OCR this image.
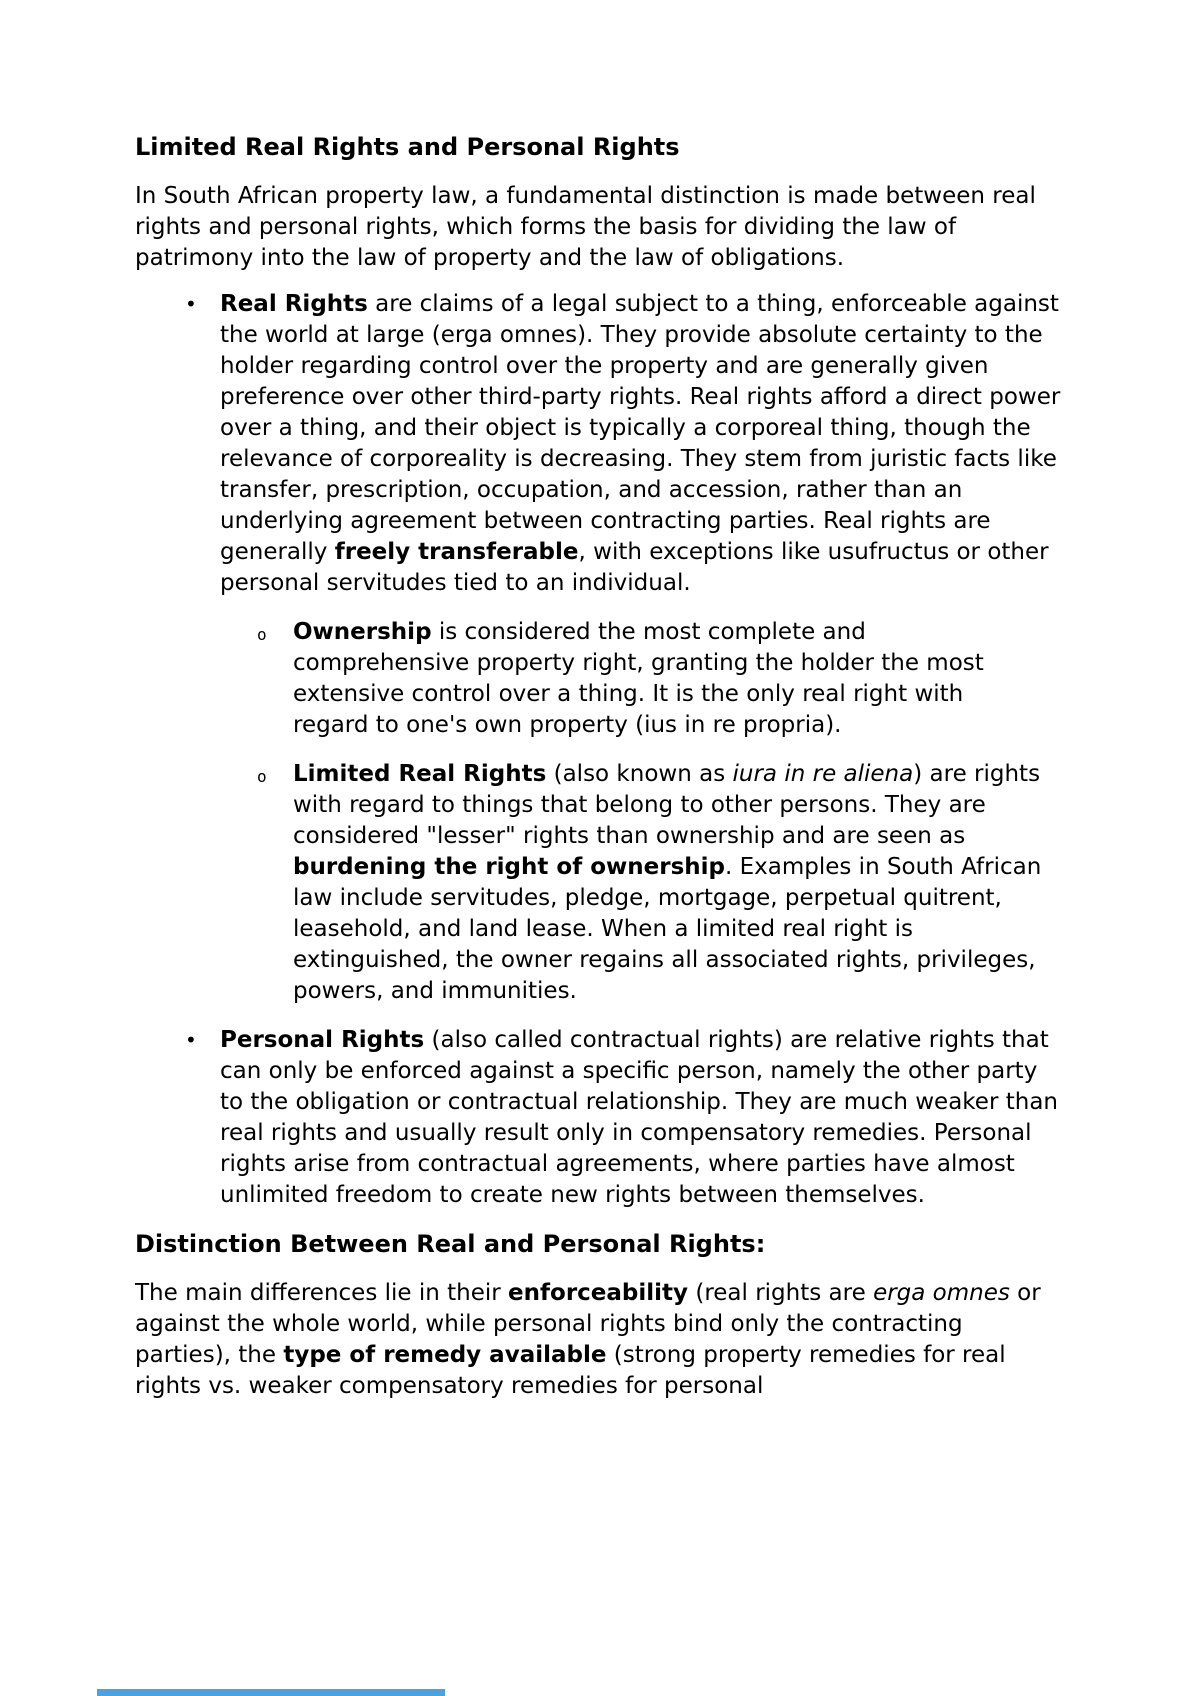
Limited Real Rights and Personal Rights

In South African property law, a fundamental distinction is made between real rights and personal rights, which forms the basis for dividing the law of patrimony into the law of property and the law of obligations.

•	Real Rights are claims of a legal subject to a thing, enforceable against the world at large (erga omnes). They provide absolute certainty to the holder regarding control over the property and are generally given preference over other third-party rights. Real rights afford a direct power over a thing, and their object is typically a corporeal thing, though the relevance of corporeality is decreasing. They stem from juristic facts like transfer, prescription, occupation, and accession, rather than an underlying agreement between contracting parties. Real rights are generally freely transferable, with exceptions like usufructus or other personal servitudes tied to an individual.
o	Ownership is considered the most complete and comprehensive property right, granting the holder the most extensive control over a thing. It is the only real right with regard to one's own property (ius in re propria).
o	Limited Real Rights (also known as iura in re aliena) are rights with regard to things that belong to other persons. They are considered "lesser" rights than ownership and are seen as burdening the right of ownership. Examples in South African law include servitudes, pledge, mortgage, perpetual quitrent, leasehold, and land lease. When a limited real right is extinguished, the owner regains all associated rights, privileges, powers, and immunities.
•	Personal Rights (also called contractual rights) are relative rights that can only be enforced against a specific person, namely the other party to the obligation or contractual relationship. They are much weaker than real rights and usually result only in compensatory remedies. Personal rights arise from contractual agreements, where parties have almost unlimited freedom to create new rights between themselves.
Distinction Between Real and Personal Rights:

The main differences lie in their enforceability (real rights are erga omnes or against the whole world, while personal rights bind only the contracting parties), the type of remedy available (strong property remedies for real rights vs. weaker compensatory remedies for personal
